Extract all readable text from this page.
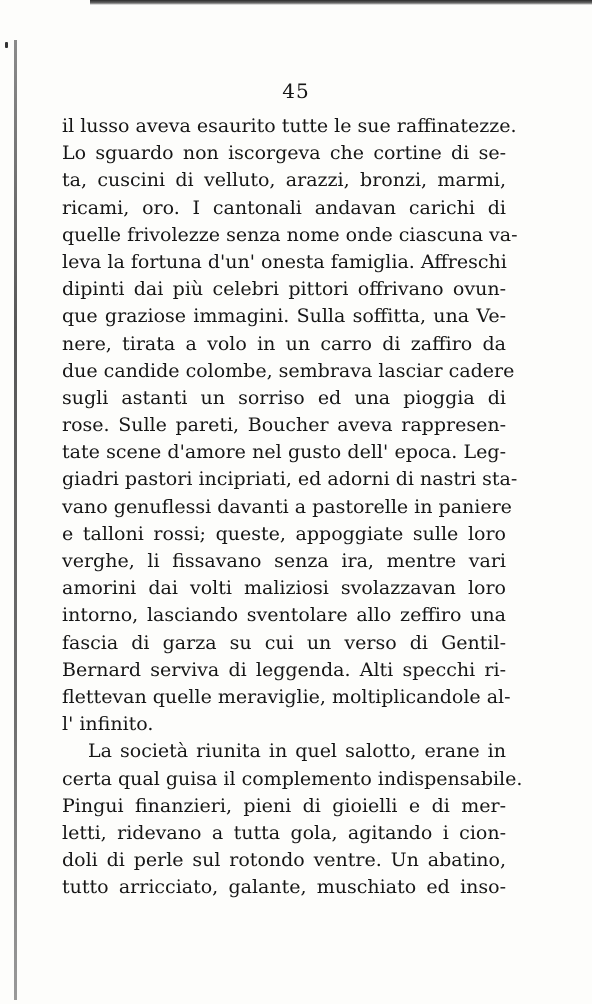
45
il lusso aveva esaurito tutte le sue raffinatezze.
Lo sguardo non iscorgeva che cortine di se-
ta, cuscini di velluto, arazzi, bronzi, marmi,
ricami, oro. I cantonali andavan carichi di
quelle frivolezze senza nome onde ciascuna va-
leva la fortuna d'un' onesta famiglia. Affreschi
dipinti dai più celebri pittori offrivano ovun-
que graziose immagini. Sulla soffitta, una Ve-
nere, tirata a volo in un carro di zaffiro da
due candide colombe, sembrava lasciar cadere
sugli astanti un sorriso ed una pioggia di
rose. Sulle pareti, Boucher aveva rappresen-
tate scene d'amore nel gusto dell' epoca. Leg-
giadri pastori incipriati, ed adorni di nastri sta-
vano genuflessi davanti a pastorelle in paniere
e talloni rossi; queste, appoggiate sulle loro
verghe, li fissavano senza ira, mentre vari
amorini dai volti maliziosi svolazzavan loro
intorno, lasciando sventolare allo zeffiro una
fascia di garza su cui un verso di Gentil-
Bernard serviva di leggenda. Alti specchi ri-
flettevan quelle meraviglie, moltiplicandole al-
l' infinito.
La società riunita in quel salotto, erane in
certa qual guisa il complemento indispensabile.
Pingui finanzieri, pieni di gioielli e di mer-
letti, ridevano a tutta gola, agitando i cion-
doli di perle sul rotondo ventre. Un abatino,
tutto arricciato, galante, muschiato ed inso-
